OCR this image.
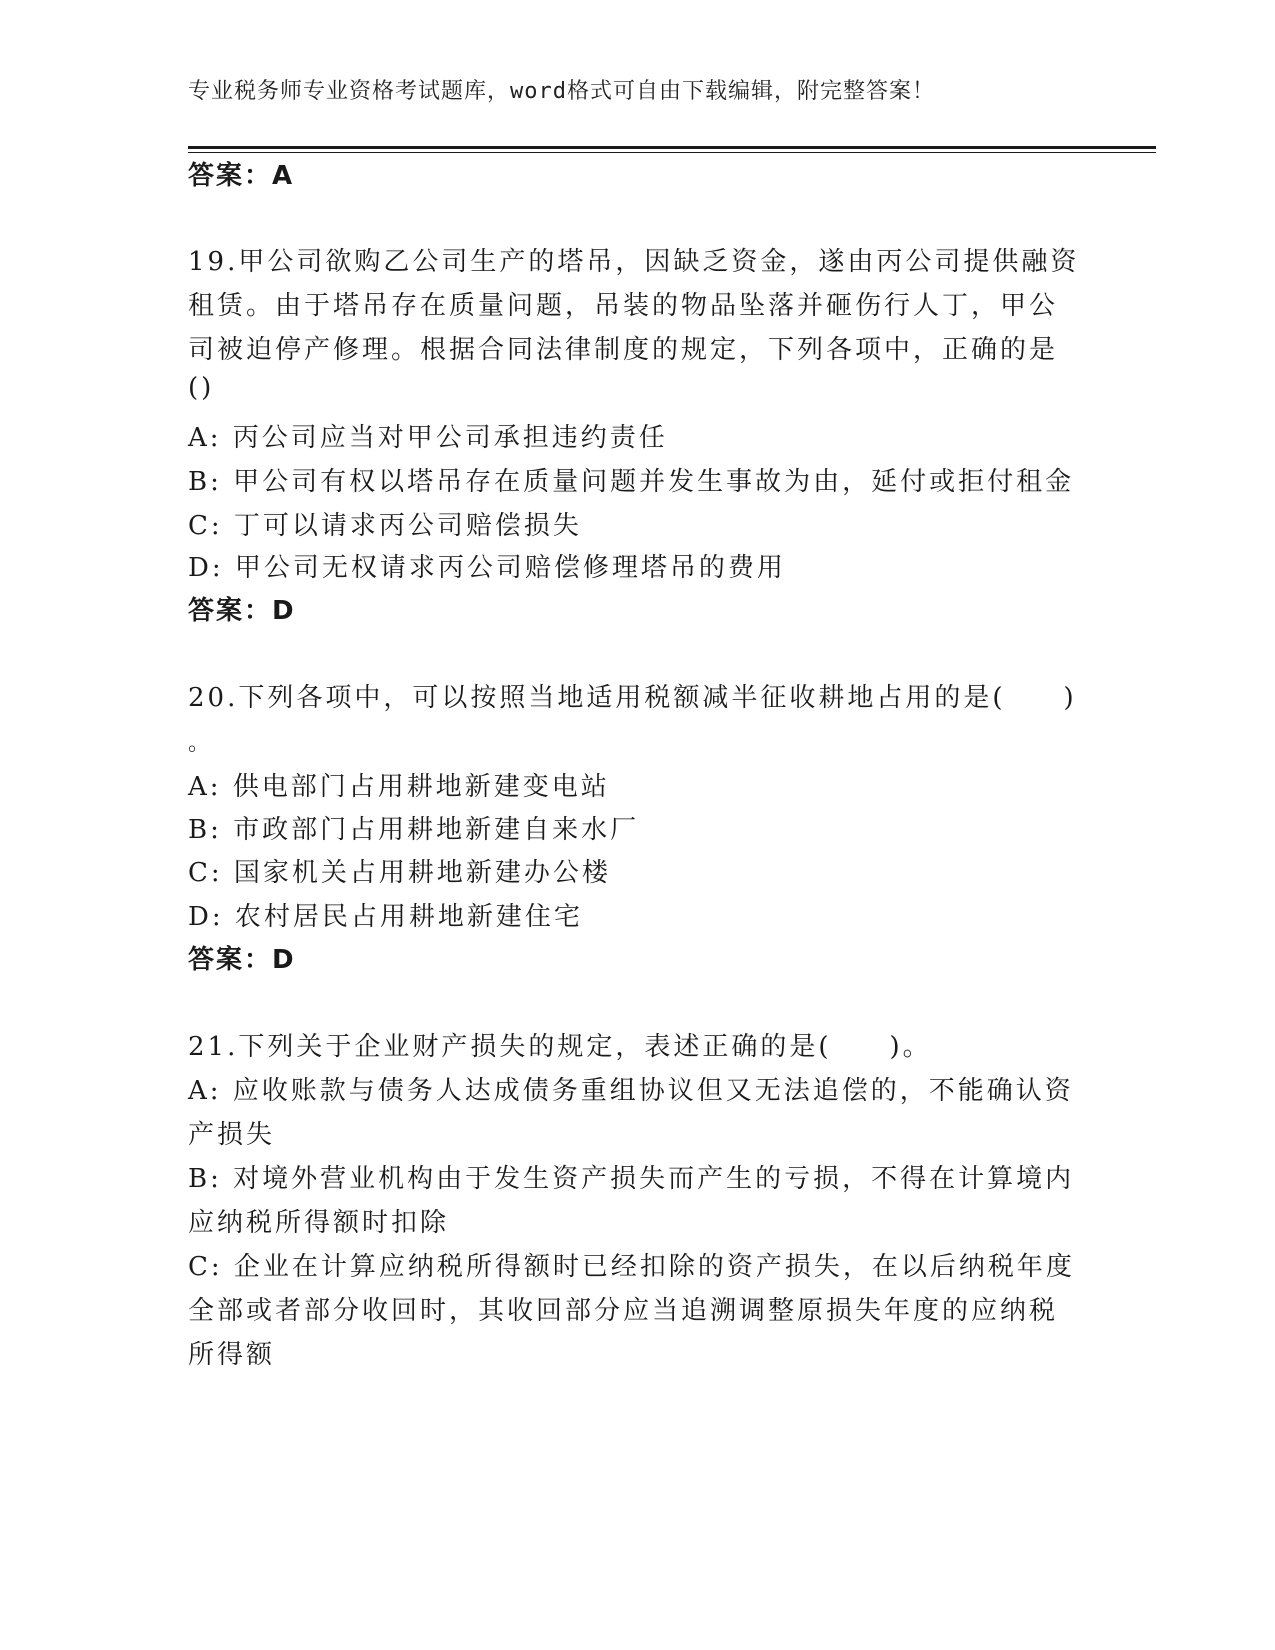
专业税务师专业资格考试题库，word格式可自由下载编辑，附完整答案！
答案：A
19.甲公司欲购乙公司生产的塔吊，因缺乏资金，遂由丙公司提供融资
租赁。由于塔吊存在质量问题，吊装的物品坠落并砸伤行人丁，甲公
司被迫停产修理。根据合同法律制度的规定，下列各项中，正确的是
()
A: 丙公司应当对甲公司承担违约责任
B: 甲公司有权以塔吊存在质量问题并发生事故为由，延付或拒付租金
C: 丁可以请求丙公司赔偿损失
D: 甲公司无权请求丙公司赔偿修理塔吊的费用
答案：D
20.下列各项中，可以按照当地适用税额减半征收耕地占用的是(　　)
。
A: 供电部门占用耕地新建变电站
B: 市政部门占用耕地新建自来水厂
C: 国家机关占用耕地新建办公楼
D: 农村居民占用耕地新建住宅
答案：D
21.下列关于企业财产损失的规定，表述正确的是(　　)。
A: 应收账款与债务人达成债务重组协议但又无法追偿的，不能确认资
产损失
B: 对境外营业机构由于发生资产损失而产生的亏损，不得在计算境内
应纳税所得额时扣除
C: 企业在计算应纳税所得额时已经扣除的资产损失，在以后纳税年度
全部或者部分收回时，其收回部分应当追溯调整原损失年度的应纳税
所得额
